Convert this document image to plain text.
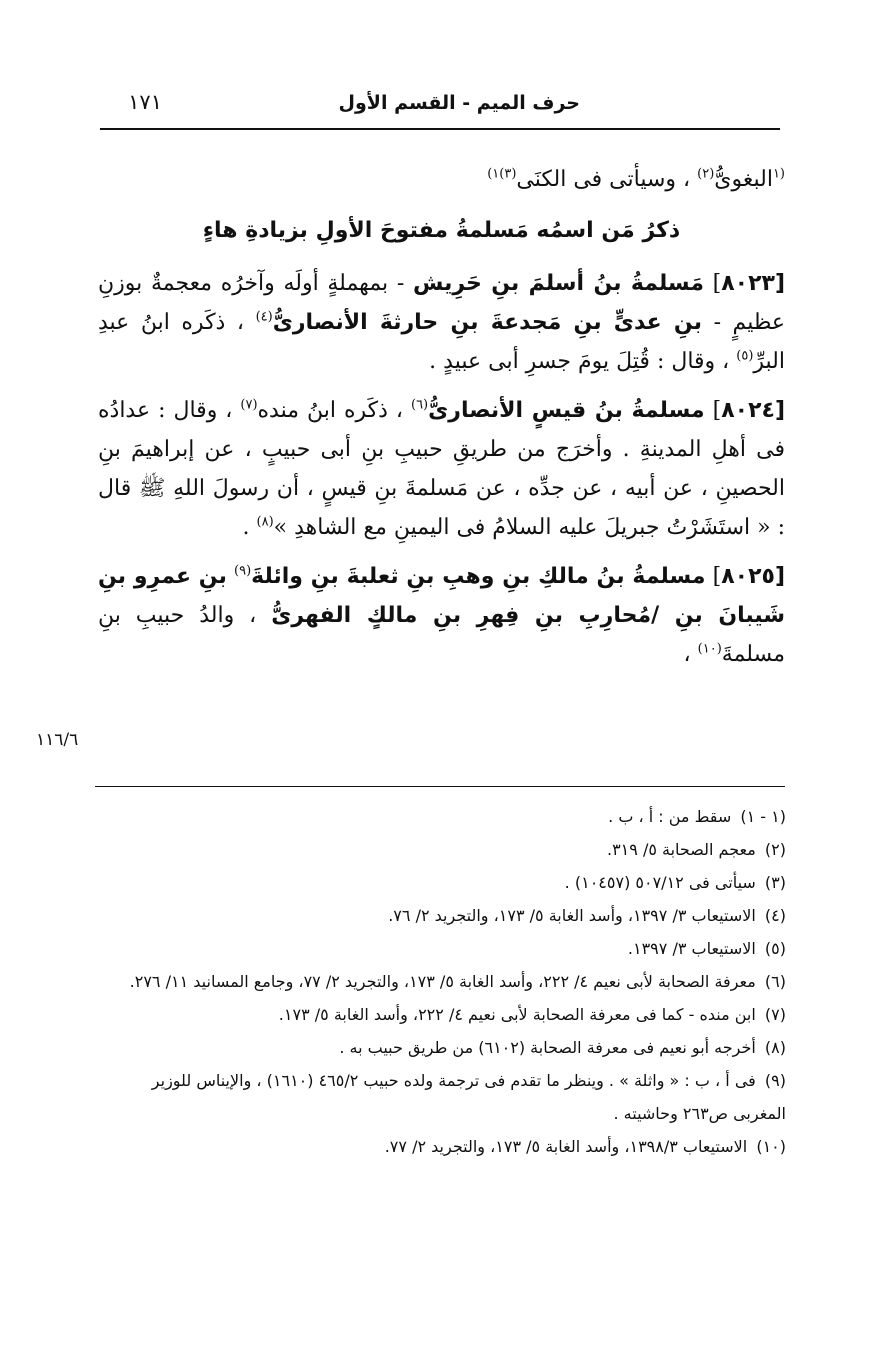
حرف الميم - القسم الأول
١٧١

$^{(١}$البغوىُّ$^{(٢)}$ ، وسيأتى فى الكنَى$^{(٣)١)}$

ذكرُ مَن اسمُه مَسلمةُ مفتوحَ الأولِ بزيادةِ هاءٍ

[٨٠٢٣] مَسلمةُ بنُ أسلمَ بنِ حَرِيش - بمهملةٍ أولَه وآخرُه معجمةٌ بوزنِ عظيمٍ - بنِ عدىٍّ بنِ مَجدعةَ بنِ حارثةَ الأنصارىُّ$^{(٤)}$ ، ذكَره ابنُ عبدِ البرِّ$^{(٥)}$ ، وقال : قُتِلَ يومَ جسرِ أبى عبيدٍ .

[٨٠٢٤] مسلمةُ بنُ قيسٍ الأنصارىُّ$^{(٦)}$ ، ذكَره ابنُ منده$^{(٧)}$ ، وقال : عدادُه فى أهلِ المدينةِ . وأخرَج من طريقِ حبيبِ بنِ أبى حبيبٍ ، عن إبراهيمَ بنِ الحصينِ ، عن أبيه ، عن جدِّه ، عن مَسلمةَ بنِ قيسٍ ، أن رسولَ اللهِ ﷺ قال : « استَشَرْتُ جبريلَ عليه السلامُ فى اليمينِ مع الشاهدِ »$^{(٨)}$ .

[٨٠٢٥] مسلمةُ بنُ مالكِ بنِ وهبِ بنِ ثعلبةَ بنِ وائلةَ$^{(٩)}$ بنِ عمرِو بنِ شَيبانَ بنِ /مُحارِبِ بنِ فِهرِ بنِ مالكٍ الفهرىُّ ، والدُ حبيبِ بنِ مسلمةَ$^{(١٠)}$ ،

١١٦/٦
(١ - ١) سقط من : أ ، ب .
(٢) معجم الصحابة ٥/ ٣١٩.
(٣) سيأتى فى ٥٠٧/١٢ (١٠٤٥٧) .
(٤) الاستيعاب ٣/ ١٣٩٧، وأسد الغابة ٥/ ١٧٣، والتجريد ٢/ ٧٦.
(٥) الاستيعاب ٣/ ١٣٩٧.
(٦) معرفة الصحابة لأبى نعيم ٤/ ٢٢٢، وأسد الغابة ٥/ ١٧٣، والتجريد ٢/ ٧٧، وجامع المسانيد ١١/ ٢٧٦.
(٧) ابن منده - كما فى معرفة الصحابة لأبى نعيم ٤/ ٢٢٢، وأسد الغابة ٥/ ١٧٣.
(٨) أخرجه أبو نعيم فى معرفة الصحابة (٦١٠٢) من طريق حبيب به .
(٩) فى أ ، ب : « واثلة » . وينظر ما تقدم فى ترجمة ولده حبيب ٤٦٥/٢ (١٦١٠) ، والإيناس للوزير المغربى ص٢٦٣ وحاشيته .
(١٠) الاستيعاب ١٣٩٨/٣، وأسد الغابة ٥/ ١٧٣، والتجريد ٢/ ٧٧.
